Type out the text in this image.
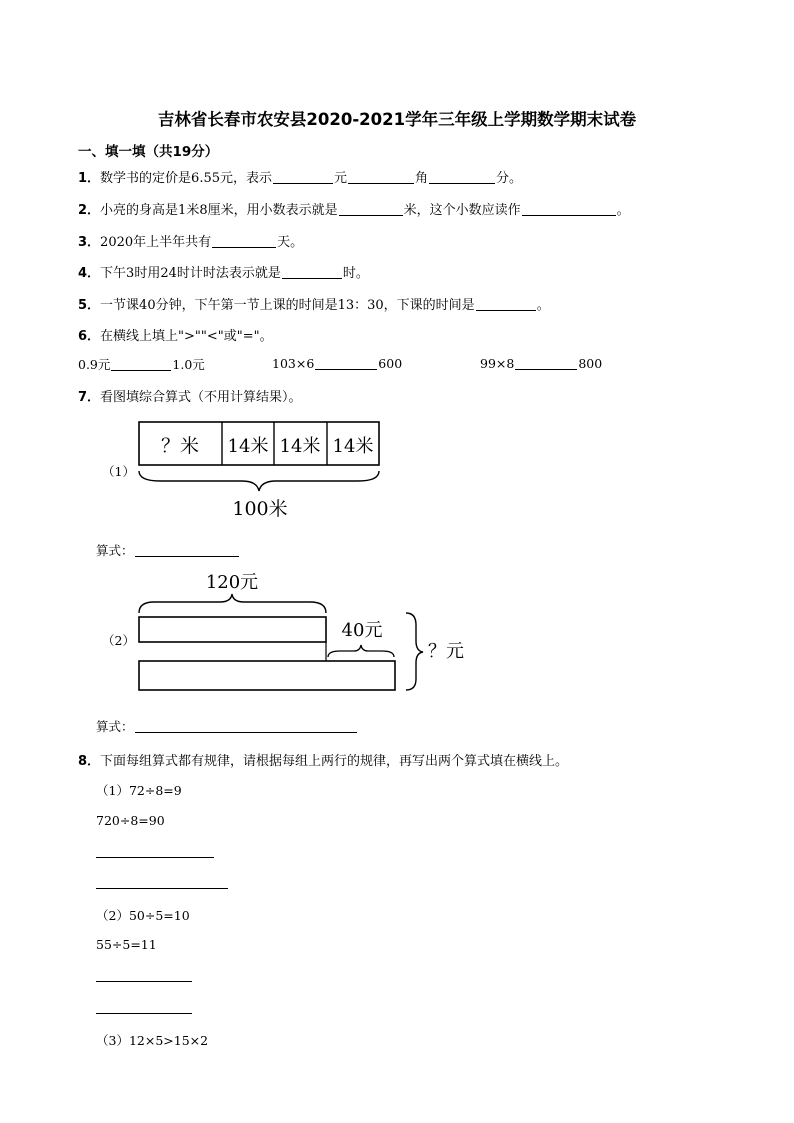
吉林省长春市农安县2020-2021学年三年级上学期数学期末试卷
一、填一填（共19分）
1．数学书的定价是6.55元，表示	元	角	分。
2．小亮的身高是1米8厘米，用小数表示就是	米，这个小数应读作	。
3．2020年上半年共有	天。
4．下午3时用24时计时法表示就是	时。
5．一节课40分钟，下午第一节上课的时间是13：30，下课的时间是	。
6．在横线上填上">""<"或"="。
0.9元	1.0元	103×6	600	99×8	800
7．看图填综合算式（不用计算结果）。
（1）
？米 14米 14米 14米
100米
算式：
（2）
120元
40元
？元
算式：
8．下面每组算式都有规律，请根据每组上两行的规律，再写出两个算式填在横线上。
（1）72÷8=9
720÷8=90
（2）50÷5=10
55÷5=11
（3）12×5>15×2
